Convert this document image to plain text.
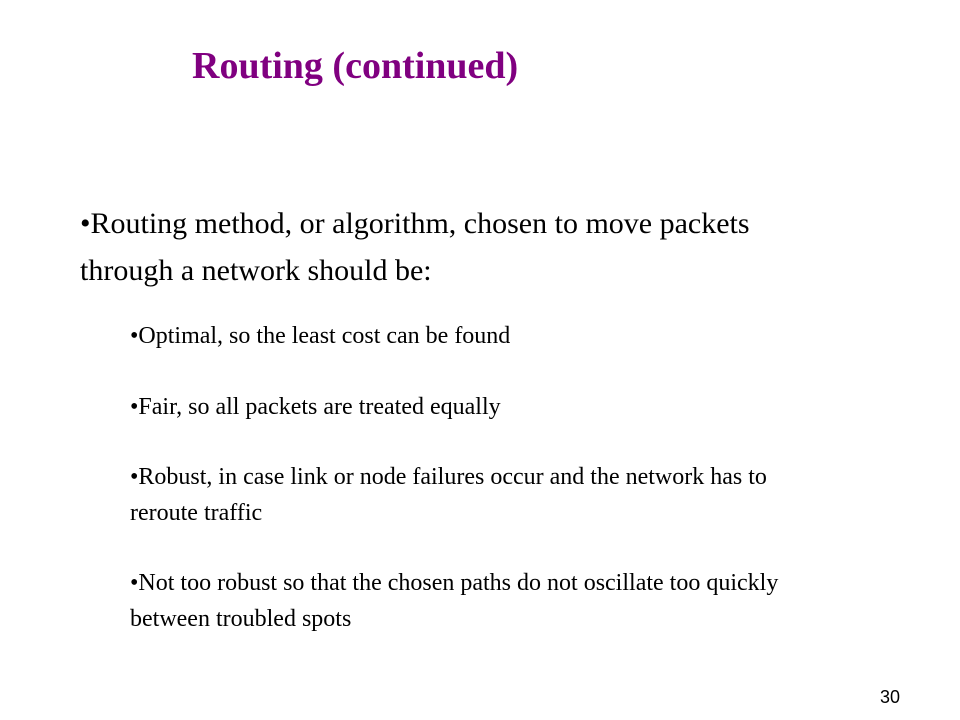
Routing (continued)
•Routing method, or algorithm, chosen to move packets through a network should be:

•Optimal, so the least cost can be found

•Fair, so all packets are treated equally

•Robust, in case link or node failures occur and the network has to reroute traffic

•Not too robust so that the chosen paths do not oscillate too quickly between troubled spots

30
